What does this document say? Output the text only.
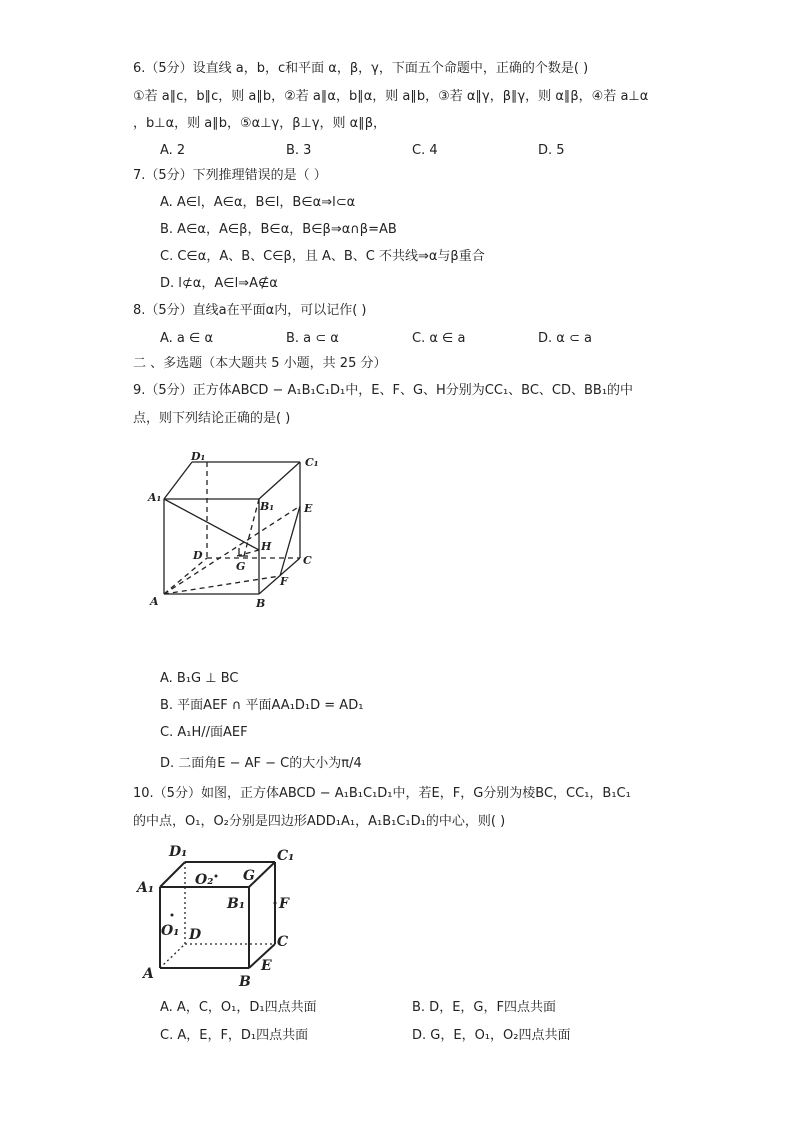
6.（5分）设直线 a，b，c和平面 α，β，γ，下面五个命题中，正确的个数是( )
①若 a∥c，b∥c，则 a∥b，②若 a∥α，b∥α，则 a∥b，③若 α∥γ，β∥γ，则 α∥β，④若 a⊥α
，b⊥α，则 a∥b，⑤α⊥γ，β⊥γ，则 α∥β，
A. 2	B. 3	C. 4	D. 5
7.（5分）下列推理错误的是（ ）
A. A∈l，A∈α，B∈l，B∈α⇒l⊂α
B. A∈α，A∈β，B∈α，B∈β⇒α∩β=AB
C. C∈α，A、B、C∈β，且 A、B、C 不共线⇒α与β重合
D. l⊄α，A∈l⇒A∉α
8.（5分）直线a在平面α内，可以记作( )
A. a ∈ α	B. a ⊂ α	C. α ∈ a	D. α ⊂ a
二 、多选题（本大题共 5 小题，共 25 分）
9.（5分）正方体ABCD − A₁B₁C₁D₁中，E、F、G、H分别为CC₁、BC、CD、BB₁的中
点，则下列结论正确的是( )
D₁	C₁
A₁
B₁	E
D
H
G	C
F
A	B
A. B₁G ⊥ BC
B. 平面AEF ∩ 平面AA₁D₁D = AD₁
C. A₁H//面AEF
D. 二面角E − AF − C的大小为π/4
10.（5分）如图，正方体ABCD − A₁B₁C₁D₁中，若E，F，G分别为棱BC，CC₁，B₁C₁
的中点，O₁，O₂分别是四边形ADD₁A₁，A₁B₁C₁D₁的中心，则( )
D₁	C₁
A₁	O₂ G
B₁ F
O₁ D	C
A	E
B
A. A，C，O₁，D₁四点共面	B. D，E，G，F四点共面
C. A，E，F，D₁四点共面	D. G，E，O₁，O₂四点共面
